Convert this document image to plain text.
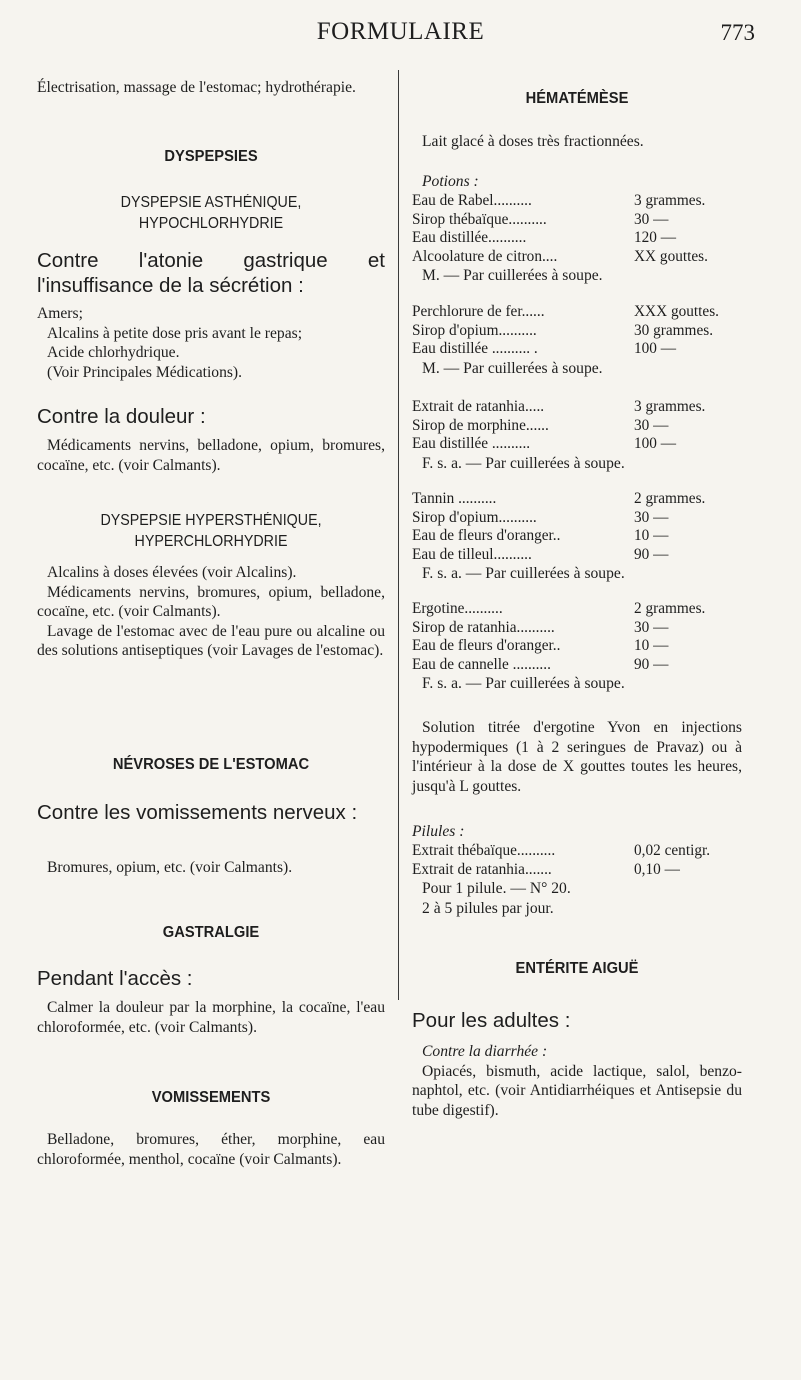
FORMULAIRE	773

Électrisation, massage de l'estomac; hydrothérapie.

DYSPEPSIES
DYSPEPSIE ASTHÉNIQUE,
HYPOCHLORHYDRIE

Contre l'atonie gastrique et l'insuffisance de la sécrétion :

Amers;

Alcalins à petite dose pris avant le repas;

Acide chlorhydrique.

(Voir Principales Médications).

Contre la douleur :

Médicaments nervins, belladone, opium, bromures, cocaïne, etc. (voir Calmants).

DYSPEPSIE HYPERSTHÉNIQUE,
HYPERCHLORHYDRIE

Alcalins à doses élevées (voir Alcalins).

Médicaments nervins, bromures, opium, belladone, cocaïne, etc. (voir Calmants).

Lavage de l'estomac avec de l'eau pure ou alcaline ou des solutions antiseptiques (voir Lavages de l'estomac).

NÉVROSES DE L'ESTOMAC

Contre les vomissements nerveux :

Bromures, opium, etc. (voir Calmants).

GASTRALGIE

Pendant l'accès :

Calmer la douleur par la morphine, la cocaïne, l'eau chloroformée, etc. (voir Calmants).

VOMISSEMENTS

Belladone, bromures, éther, morphine, eau chloroformée, menthol, cocaïne (voir Calmants).

HÉMATÉMÈSE

Lait glacé à doses très fractionnées.

Potions :

Eau de Rabel..........	3 grammes.
Sirop thébaïque..........	30 —
Eau distillée..........	120 —
Alcoolature de citron....	XX gouttes.

M. — Par cuillerées à soupe.

Perchlorure de fer......	XXX gouttes.
Sirop d'opium..........	30 grammes.
Eau distillée .......... .	100 —

M. — Par cuillerées à soupe.

Extrait de ratanhia.....	3 grammes.
Sirop de morphine......	30 —
Eau distillée ..........	100 —

F. s. a. — Par cuillerées à soupe.

Tannin ..........	2 grammes.
Sirop d'opium..........	30 —
Eau de fleurs d'oranger..	10 —
Eau de tilleul..........	90 —

F. s. a. — Par cuillerées à soupe.

Ergotine..........	2 grammes.
Sirop de ratanhia..........	30 —
Eau de fleurs d'oranger..	10 —
Eau de cannelle ..........	90 —

F. s. a. — Par cuillerées à soupe.

Solution titrée d'ergotine Yvon en injections hypodermiques (1 à 2 seringues de Pravaz) ou à l'intérieur à la dose de X gouttes toutes les heures, jusqu'à L gouttes.

Pilules :

Extrait thébaïque..........	0,02 centigr.
Extrait de ratanhia.......	0,10 —

Pour 1 pilule. — N° 20.

2 à 5 pilules par jour.

ENTÉRITE AIGUË

Pour les adultes :

Contre la diarrhée :

Opiacés, bismuth, acide lactique, salol, benzo-naphtol, etc. (voir Antidiarrhéiques et Antisepsie du tube digestif).
